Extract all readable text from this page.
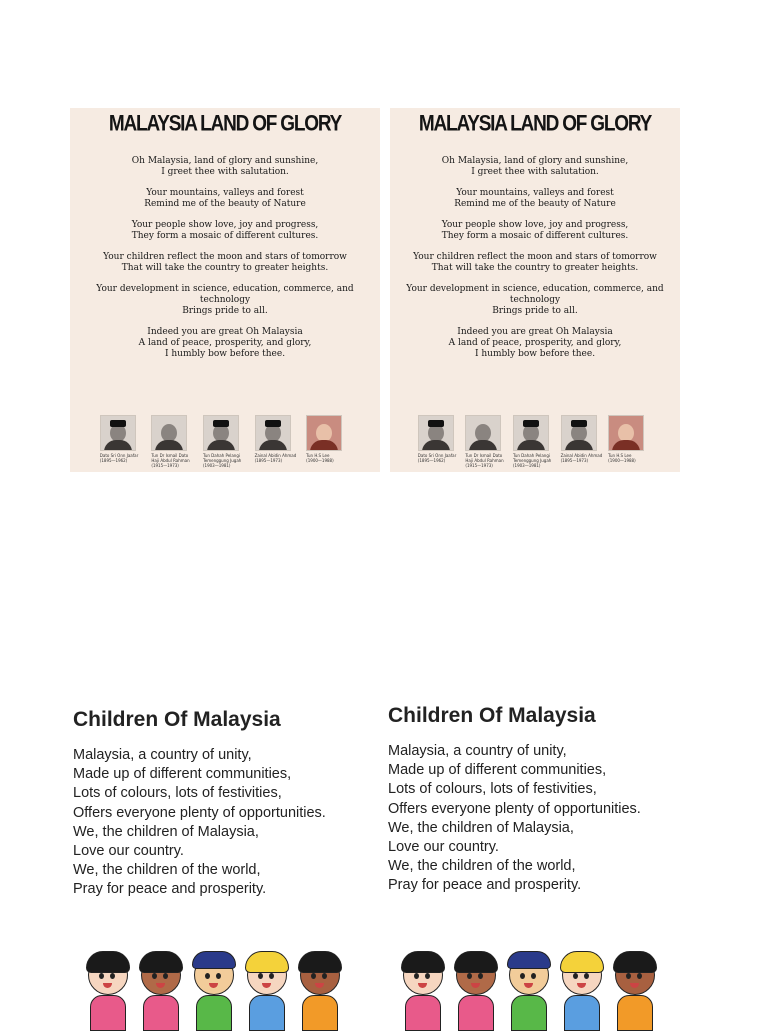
MALAYSIA LAND OF GLORY
Oh Malaysia, land of glory and sunshine,
I greet thee with salutation.
Your mountains, valleys and forest
Remind me of the beauty of Nature
Your people show love, joy and progress,
They form a mosaic of different cultures.
Your children reflect the moon and stars of tomorrow
That will take the country to greater heights.
Your development in science, education, commerce, and
technology
Brings pride to all.
Indeed you are great Oh Malaysia
A land of peace, prosperity, and glory,
I humbly bow before thee.
Dato Sri Onn Jaafar
(1895—1962)
Tun Dr Ismail Dato Haji Abdul Rahman
(1915—1973)
Tun Dahah Pelangi Temenggung Jugah
(1903—1981)
Zainal Abidin Ahmad
(1895—1973)
Tun H.S Lee
(1900—1988)
MALAYSIA LAND OF GLORY
Oh Malaysia, land of glory and sunshine,
I greet thee with salutation.
Your mountains, valleys and forest
Remind me of the beauty of Nature
Your people show love, joy and progress,
They form a mosaic of different cultures.
Your children reflect the moon and stars of tomorrow
That will take the country to greater heights.
Your development in science, education, commerce, and
technology
Brings pride to all.
Indeed you are great Oh Malaysia
A land of peace, prosperity, and glory,
I humbly bow before thee.
Dato Sri Onn Jaafar
(1895—1962)
Tun Dr Ismail Dato Haji Abdul Rahman
(1915—1973)
Tun Dahah Pelangi Temenggung Jugah
(1903—1981)
Zainal Abidin Ahmad
(1895—1973)
Tun H.S Lee
(1900—1988)
Children Of Malaysia
Malaysia, a country of unity,
Made up of different communities,
Lots of colours, lots of festivities,
Offers everyone plenty of opportunities.
We, the children of Malaysia,
Love our country.
We, the children of the world,
Pray for peace and prosperity.
Children Of Malaysia
Malaysia, a country of unity,
Made up of different communities,
Lots of colours, lots of festivities,
Offers everyone plenty of opportunities.
We, the children of Malaysia,
Love our country.
We, the children of the world,
Pray for peace and prosperity.
